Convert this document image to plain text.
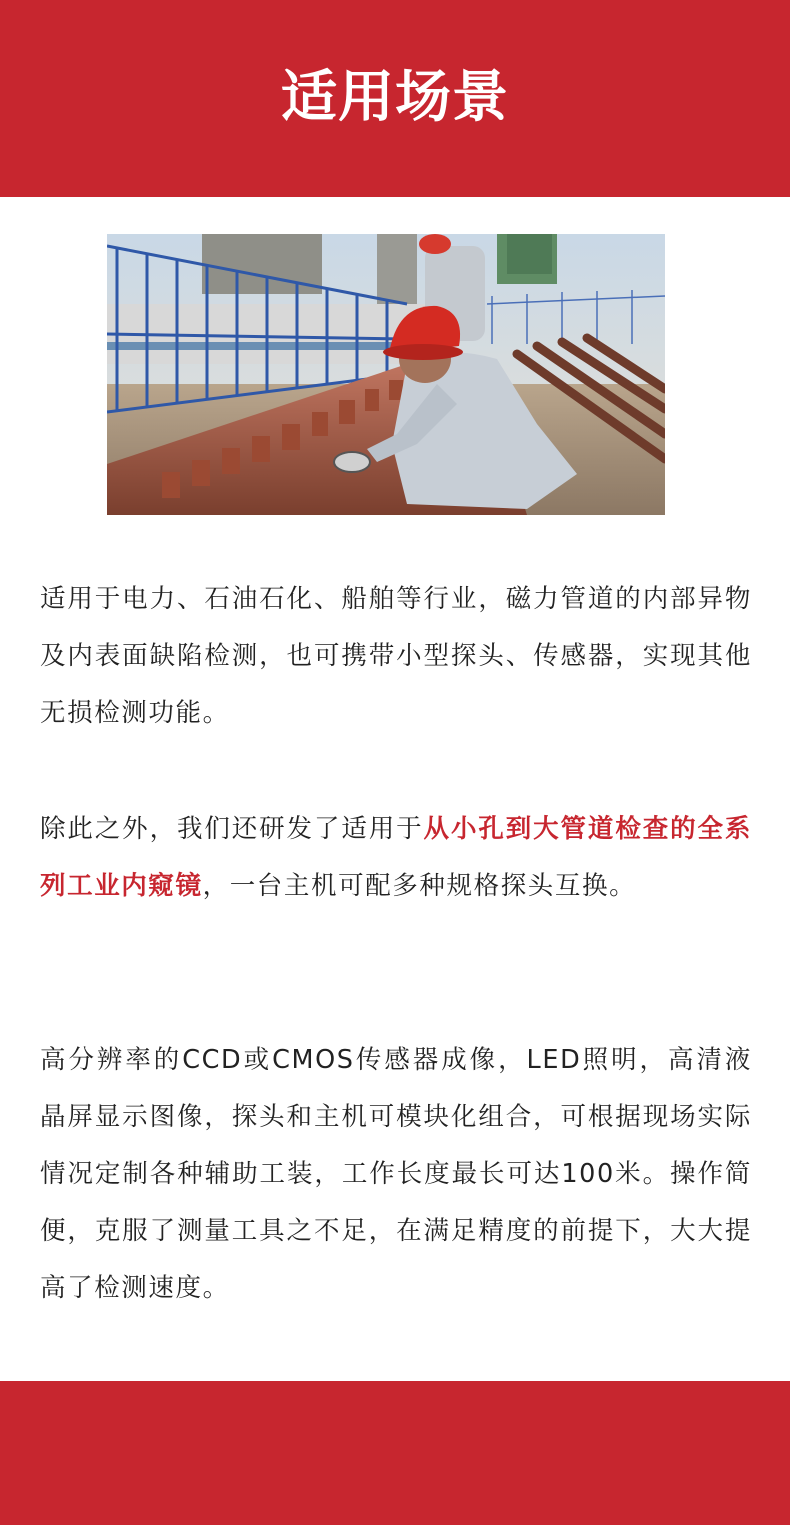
适用场景

适用于电力、石油石化、船舶等行业，磁力管道的内部异物及内表面缺陷检测，也可携带小型探头、传感器，实现其他无损检测功能。

除此之外，我们还研发了适用于从小孔到大管道检查的全系列工业内窥镜，一台主机可配多种规格探头互换。

高分辨率的CCD或CMOS传感器成像，LED照明，高清液晶屏显示图像，探头和主机可模块化组合，可根据现场实际情况定制各种辅助工装，工作长度最长可达100米。操作简便，克服了测量工具之不足，在满足精度的前提下，大大提高了检测速度。
